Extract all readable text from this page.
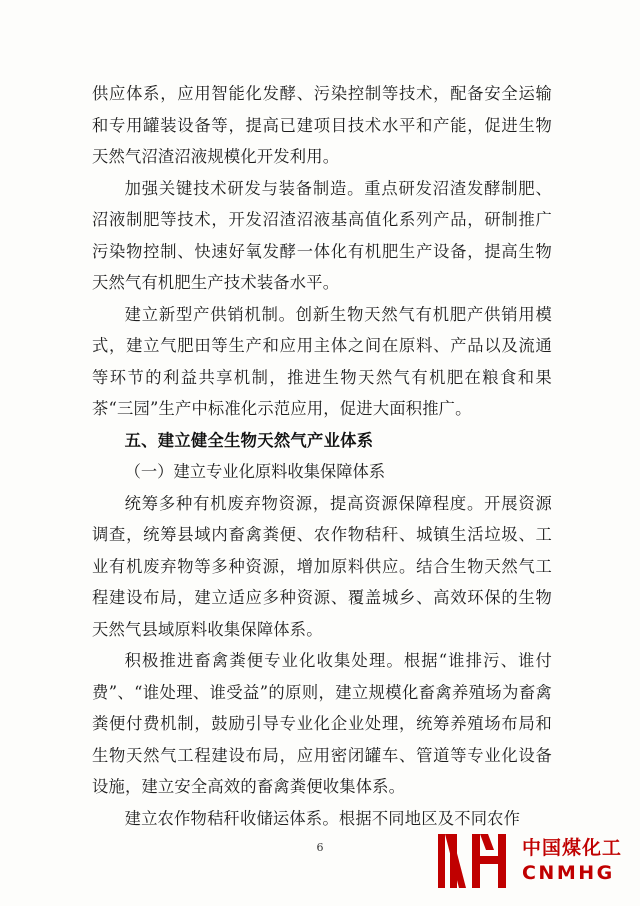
供应体系，应用智能化发酵、污染控制等技术，配备安全运输和专用罐装设备等，提高已建项目技术水平和产能，促进生物天然气沼渣沼液规模化开发利用。

加强关键技术研发与装备制造。重点研发沼渣发酵制肥、沼液制肥等技术，开发沼渣沼液基高值化系列产品，研制推广污染物控制、快速好氧发酵一体化有机肥生产设备，提高生物天然气有机肥生产技术装备水平。

建立新型产供销机制。创新生物天然气有机肥产供销用模式，建立气肥田等生产和应用主体之间在原料、产品以及流通等环节的利益共享机制，推进生物天然气有机肥在粮食和果茶“三园”生产中标准化示范应用，促进大面积推广。

五、建立健全生物天然气产业体系

（一）建立专业化原料收集保障体系

统筹多种有机废弃物资源，提高资源保障程度。开展资源调查，统筹县域内畜禽粪便、农作物秸秆、城镇生活垃圾、工业有机废弃物等多种资源，增加原料供应。结合生物天然气工程建设布局，建立适应多种资源、覆盖城乡、高效环保的生物天然气县域原料收集保障体系。

积极推进畜禽粪便专业化收集处理。根据“谁排污、谁付费”、“谁处理、谁受益”的原则，建立规模化畜禽养殖场为畜禽粪便付费机制，鼓励引导专业化企业处理，统筹养殖场布局和生物天然气工程建设布局，应用密闭罐车、管道等专业化设备设施，建立安全高效的畜禽粪便收集体系。

建立农作物秸秆收储运体系。根据不同地区及不同农作

6	中国煤化工
CNMHG
